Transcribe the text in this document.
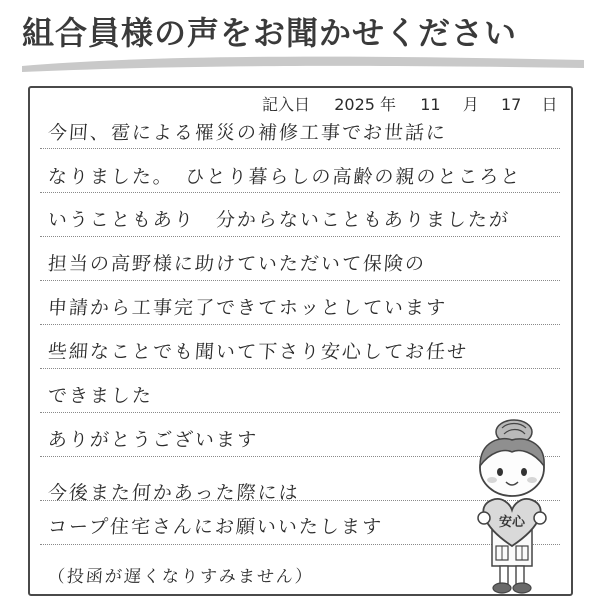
組合員様の声をお聞かせください
記入日 2025 年 11 月 17 日
今回、雹による罹災の補修工事でお世話に
なりました。　ひとり暮らしの高齢の親のところと
いうこともあり　分からないこともありましたが
担当の高野様に助けていただいて保険の
申請から工事完了できてホッとしています
些細なことでも聞いて下さり安心してお任せ
できました
ありがとうございます
今後また何かあった際には
コープ住宅さんにお願いいたします
（投函が遅くなりすみません）
安心
